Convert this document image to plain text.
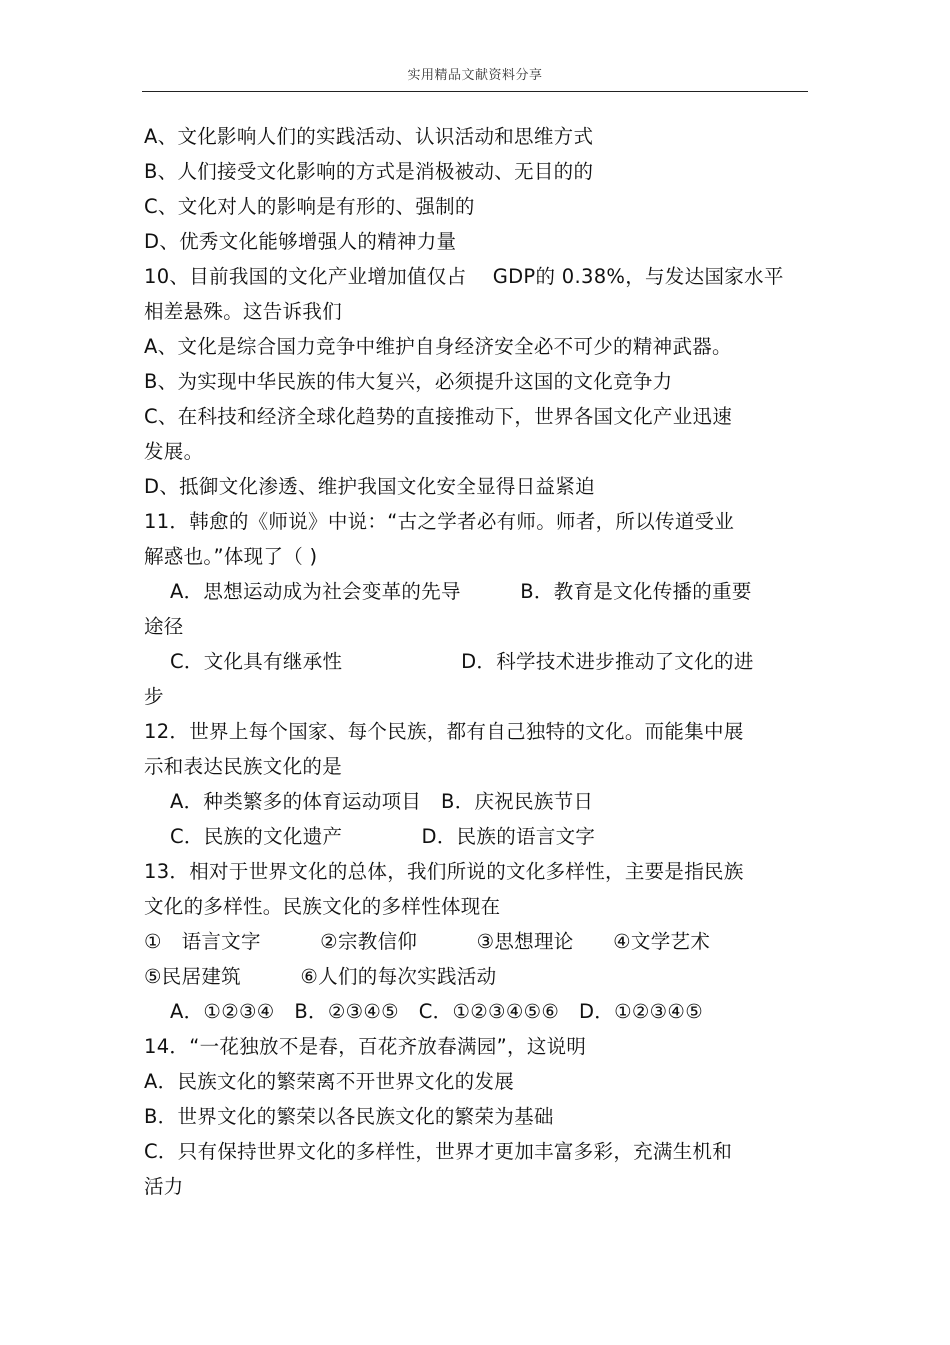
实用精品文献资料分享
A、文化影响人们的实践活动、认识活动和思维方式
B、人们接受文化影响的方式是消极被动、无目的的
C、文化对人的影响是有形的、强制的
D、优秀文化能够增强人的精神力量
10、目前我国的文化产业增加值仅占　 GDP的 0.38%，与发达国家水平
相差悬殊。这告诉我们
A、文化是综合国力竞争中维护自身经济安全必不可少的精神武器。
B、为实现中华民族的伟大复兴，必须提升这国的文化竞争力
C、在科技和经济全球化趋势的直接推动下，世界各国文化产业迅速
发展。
D、抵御文化渗透、维护我国文化安全显得日益紧迫
11．韩愈的《师说》中说：“古之学者必有师。师者，所以传道受业
解惑也。”体现了（ )
A．思想运动成为社会变革的先导　　　B．教育是文化传播的重要
途径
C．文化具有继承性　　　　　　D．科学技术进步推动了文化的进
步
12．世界上每个国家、每个民族，都有自己独特的文化。而能集中展
示和表达民族文化的是
A．种类繁多的体育运动项目　B．庆祝民族节日
C．民族的文化遗产　　　　D．民族的语言文字
13．相对于世界文化的总体，我们所说的文化多样性，主要是指民族
文化的多样性。民族文化的多样性体现在
①　语言文字　　　②宗教信仰　　　③思想理论　　④文学艺术
⑤民居建筑　　　⑥人们的每次实践活动
A．①②③④　B．②③④⑤　C．①②③④⑤⑥　D．①②③④⑤
14．“一花独放不是春，百花齐放春满园”，这说明
A．民族文化的繁荣离不开世界文化的发展
B．世界文化的繁荣以各民族文化的繁荣为基础
C．只有保持世界文化的多样性，世界才更加丰富多彩，充满生机和
活力
